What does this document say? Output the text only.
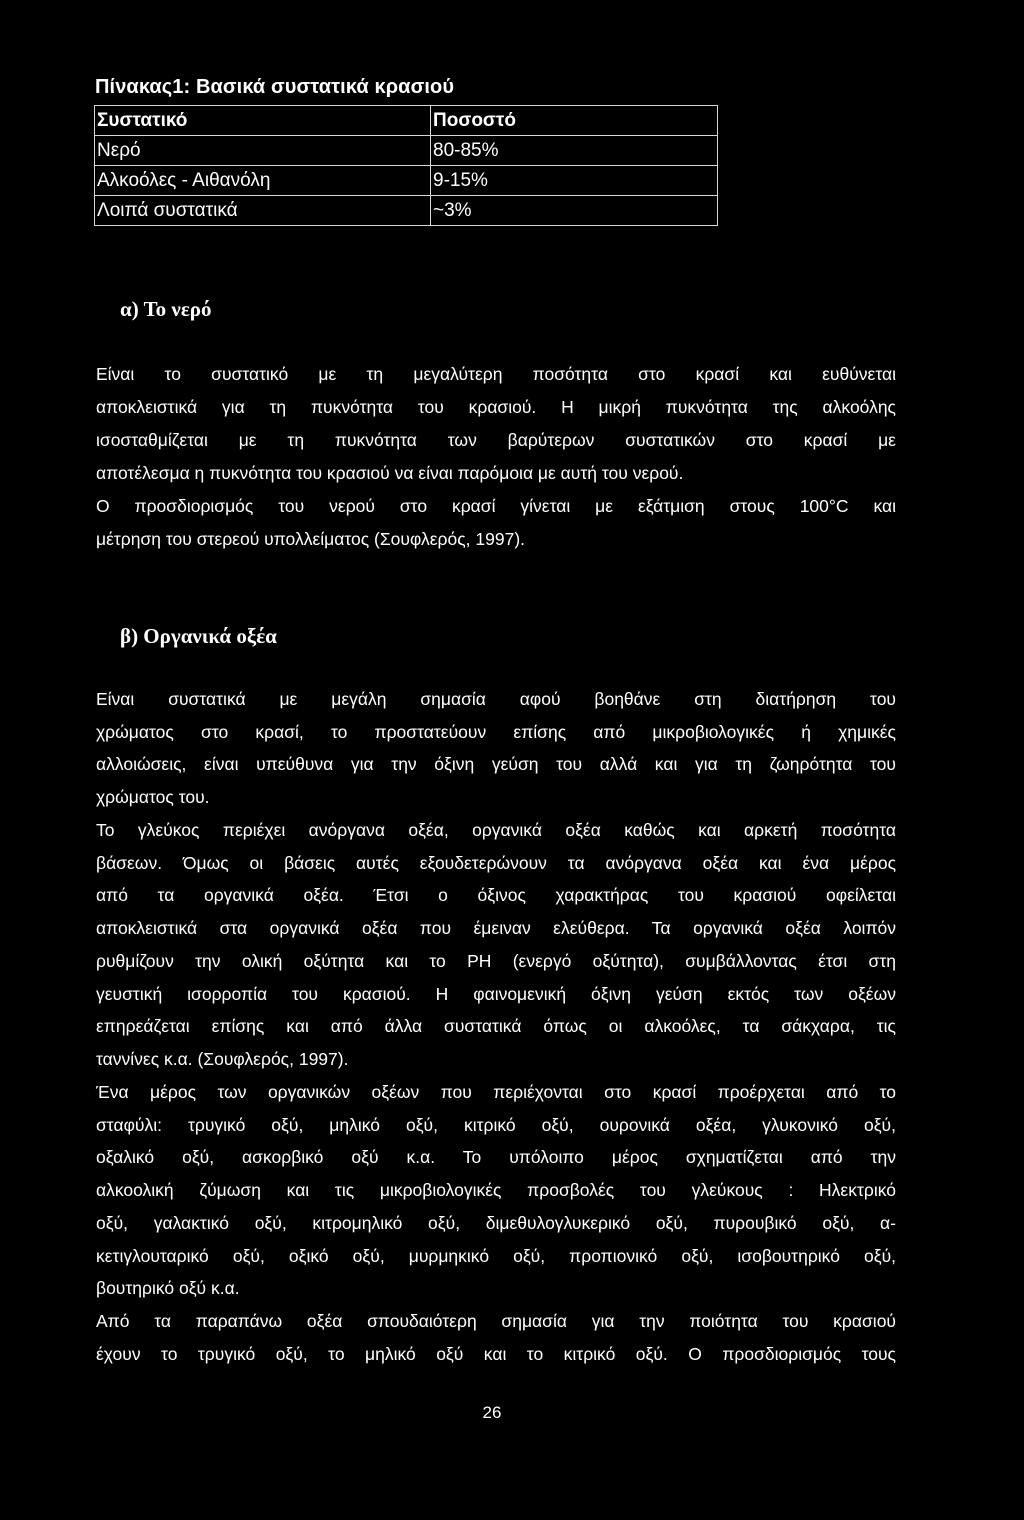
Πίνακας1: Βασικά συστατικά κρασιού
Συστατικό	Ποσοστό
Νερό	80-85%
Αλκοόλες - Αιθανόλη	9-15%
Λοιπά συστατικά	~3%
α) Το νερό
Είναι το συστατικό με τη μεγαλύτερη ποσότητα στο κρασί και ευθύνεται
αποκλειστικά για τη πυκνότητα του κρασιού. Η μικρή πυκνότητα της αλκοόλης
ισοσταθμίζεται με τη πυκνότητα των βαρύτερων συστατικών στο κρασί με
αποτέλεσμα η πυκνότητα του κρασιού να είναι παρόμοια με αυτή του νερού.
Ο προσδιορισμός του νερού στο κρασί γίνεται με εξάτμιση στους 100°C και
μέτρηση του στερεού υπολλείματος (Σουφλερός, 1997).
β) Οργανικά οξέα
Είναι συστατικά με μεγάλη σημασία αφού βοηθάνε στη διατήρηση του
χρώματος στο κρασί, το προστατεύουν επίσης από μικροβιολογικές ή χημικές
αλλοιώσεις, είναι υπεύθυνα για την όξινη γεύση του αλλά και για τη ζωηρότητα του
χρώματος του.
Το γλεύκος περιέχει ανόργανα οξέα, οργανικά οξέα καθώς και αρκετή ποσότητα
βάσεων. Όμως οι βάσεις αυτές εξουδετερώνουν τα ανόργανα οξέα και ένα μέρος
από τα οργανικά οξέα. Έτσι ο όξινος χαρακτήρας του κρασιού οφείλεται
αποκλειστικά στα οργανικά οξέα που έμειναν ελεύθερα. Τα οργανικά οξέα λοιπόν
ρυθμίζουν την ολική οξύτητα και το PH (ενεργό οξύτητα), συμβάλλοντας έτσι στη
γευστική ισορροπία του κρασιού. Η φαινομενική όξινη γεύση εκτός των οξέων
επηρεάζεται επίσης και από άλλα συστατικά όπως οι αλκοόλες, τα σάκχαρα, τις
ταννίνες κ.α. (Σουφλερός, 1997).
Ένα μέρος των οργανικών οξέων που περιέχονται στο κρασί προέρχεται από το
σταφύλι: τρυγικό οξύ, μηλικό οξύ, κιτρικό οξύ, ουρονικά οξέα, γλυκονικό οξύ,
οξαλικό οξύ, ασκορβικό οξύ κ.α. Το υπόλοιπο μέρος σχηματίζεται από την
αλκοολική ζύμωση και τις μικροβιολογικές προσβολές του γλεύκους : Ηλεκτρικό
οξύ, γαλακτικό οξύ, κιτρομηλικό οξύ, διμεθυλογλυκερικό οξύ, πυρουβικό οξύ, α-
κετιγλουταρικό οξύ, οξικό οξύ, μυρμηκικό οξύ, προπιονικό οξύ, ισοβουτηρικό οξύ,
βουτηρικό οξύ κ.α.
Από τα παραπάνω οξέα σπουδαιότερη σημασία για την ποιότητα του κρασιού
έχουν το τρυγικό οξύ, το μηλικό οξύ και το κιτρικό οξύ. Ο προσδιορισμός τους
26
